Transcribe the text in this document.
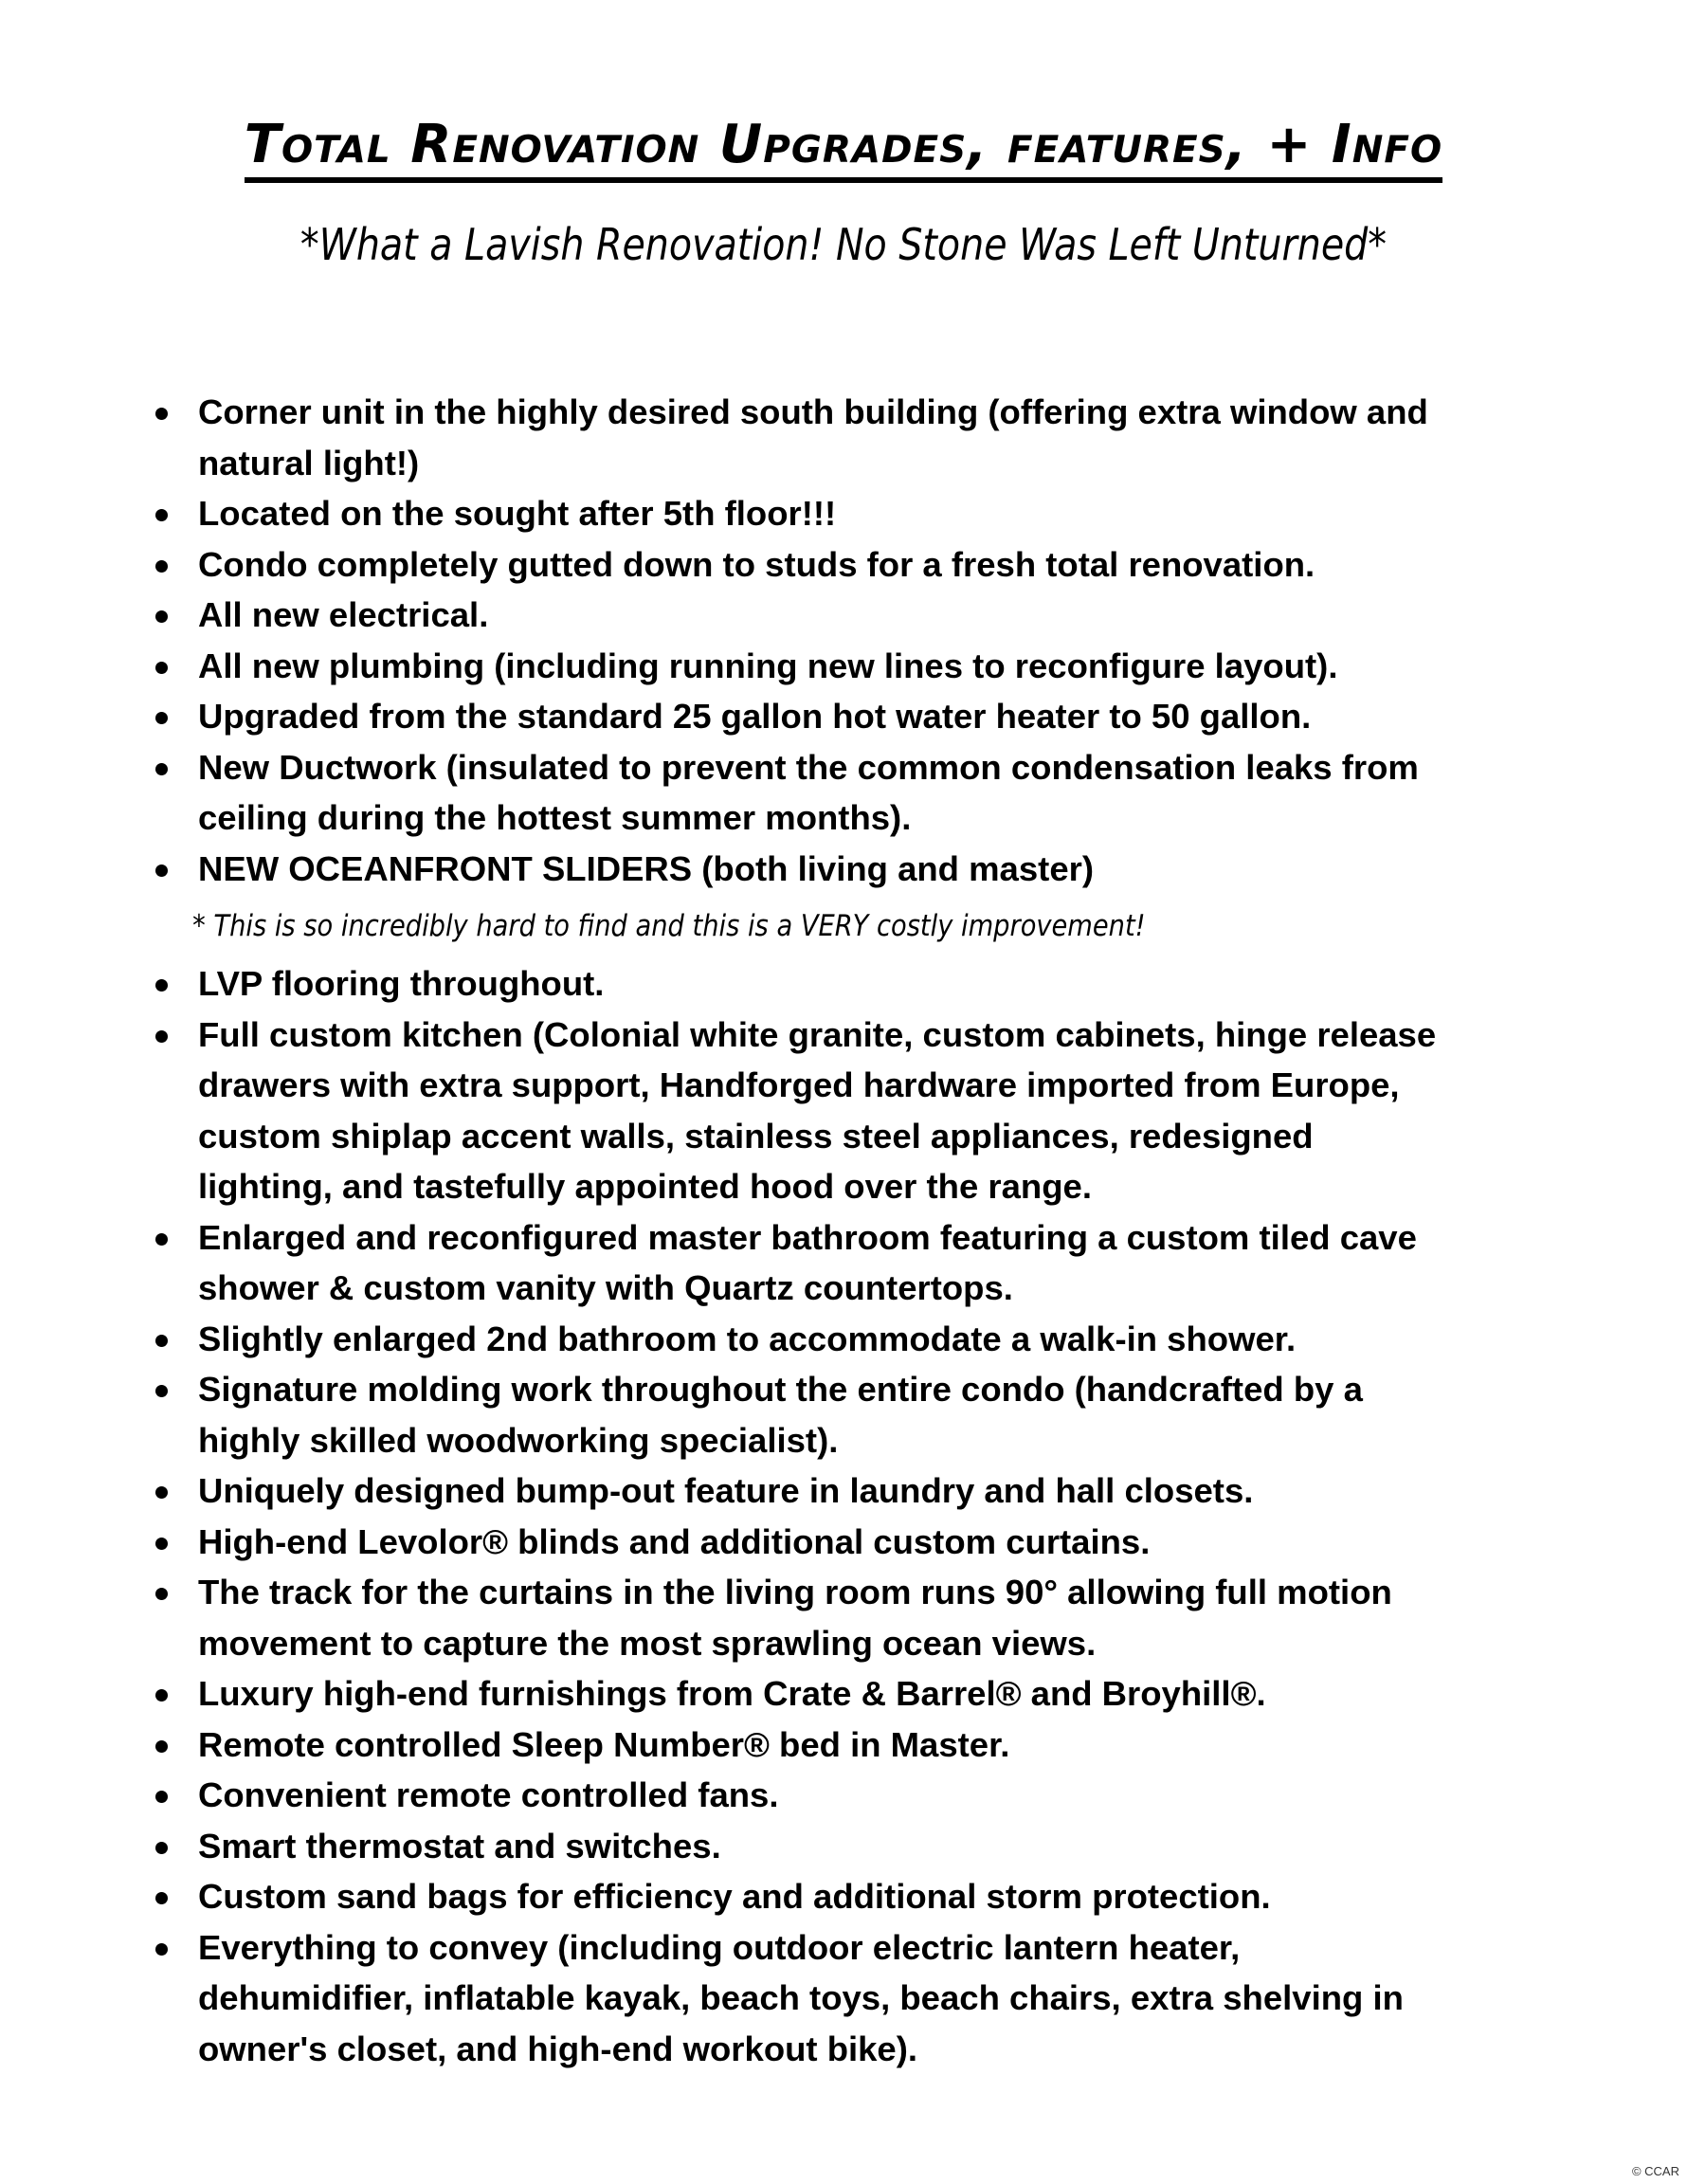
Total Renovation Upgrades, features, + Info
*What a Lavish Renovation! No Stone Was Left Unturned*
Corner unit in the highly desired south building (offering extra window and
natural light!)
Located on the sought after 5th floor!!!
Condo completely gutted down to studs for a fresh total renovation.
All new electrical.
All new plumbing (including running new lines to reconfigure layout).
Upgraded from the standard 25 gallon hot water heater to 50 gallon.
New Ductwork (insulated to prevent the common condensation leaks from
ceiling during the hottest summer months).
NEW OCEANFRONT SLIDERS (both living and master)
* This is so incredibly hard to find and this is a VERY costly improvement!
LVP flooring throughout.
Full custom kitchen (Colonial white granite, custom cabinets, hinge release
drawers with extra support, Handforged hardware imported from Europe,
custom shiplap accent walls, stainless steel appliances, redesigned
lighting, and tastefully appointed hood over the range.
Enlarged and reconfigured master bathroom featuring a custom tiled cave
shower & custom vanity with Quartz countertops.
Slightly enlarged 2nd bathroom to accommodate a walk-in shower.
Signature molding work throughout the entire condo (handcrafted by a
highly skilled woodworking specialist).
Uniquely designed bump-out feature in laundry and hall closets.
High-end Levolor® blinds and additional custom curtains.
The track for the curtains in the living room runs 90° allowing full motion
movement to capture the most sprawling ocean views.
Luxury high-end furnishings from Crate & Barrel® and Broyhill®.
Remote controlled Sleep Number® bed in Master.
Convenient remote controlled fans.
Smart thermostat and switches.
Custom sand bags for efficiency and additional storm protection.
Everything to convey (including outdoor electric lantern heater,
dehumidifier, inflatable kayak, beach toys, beach chairs, extra shelving in
owner's closet, and high-end workout bike).
© CCAR
